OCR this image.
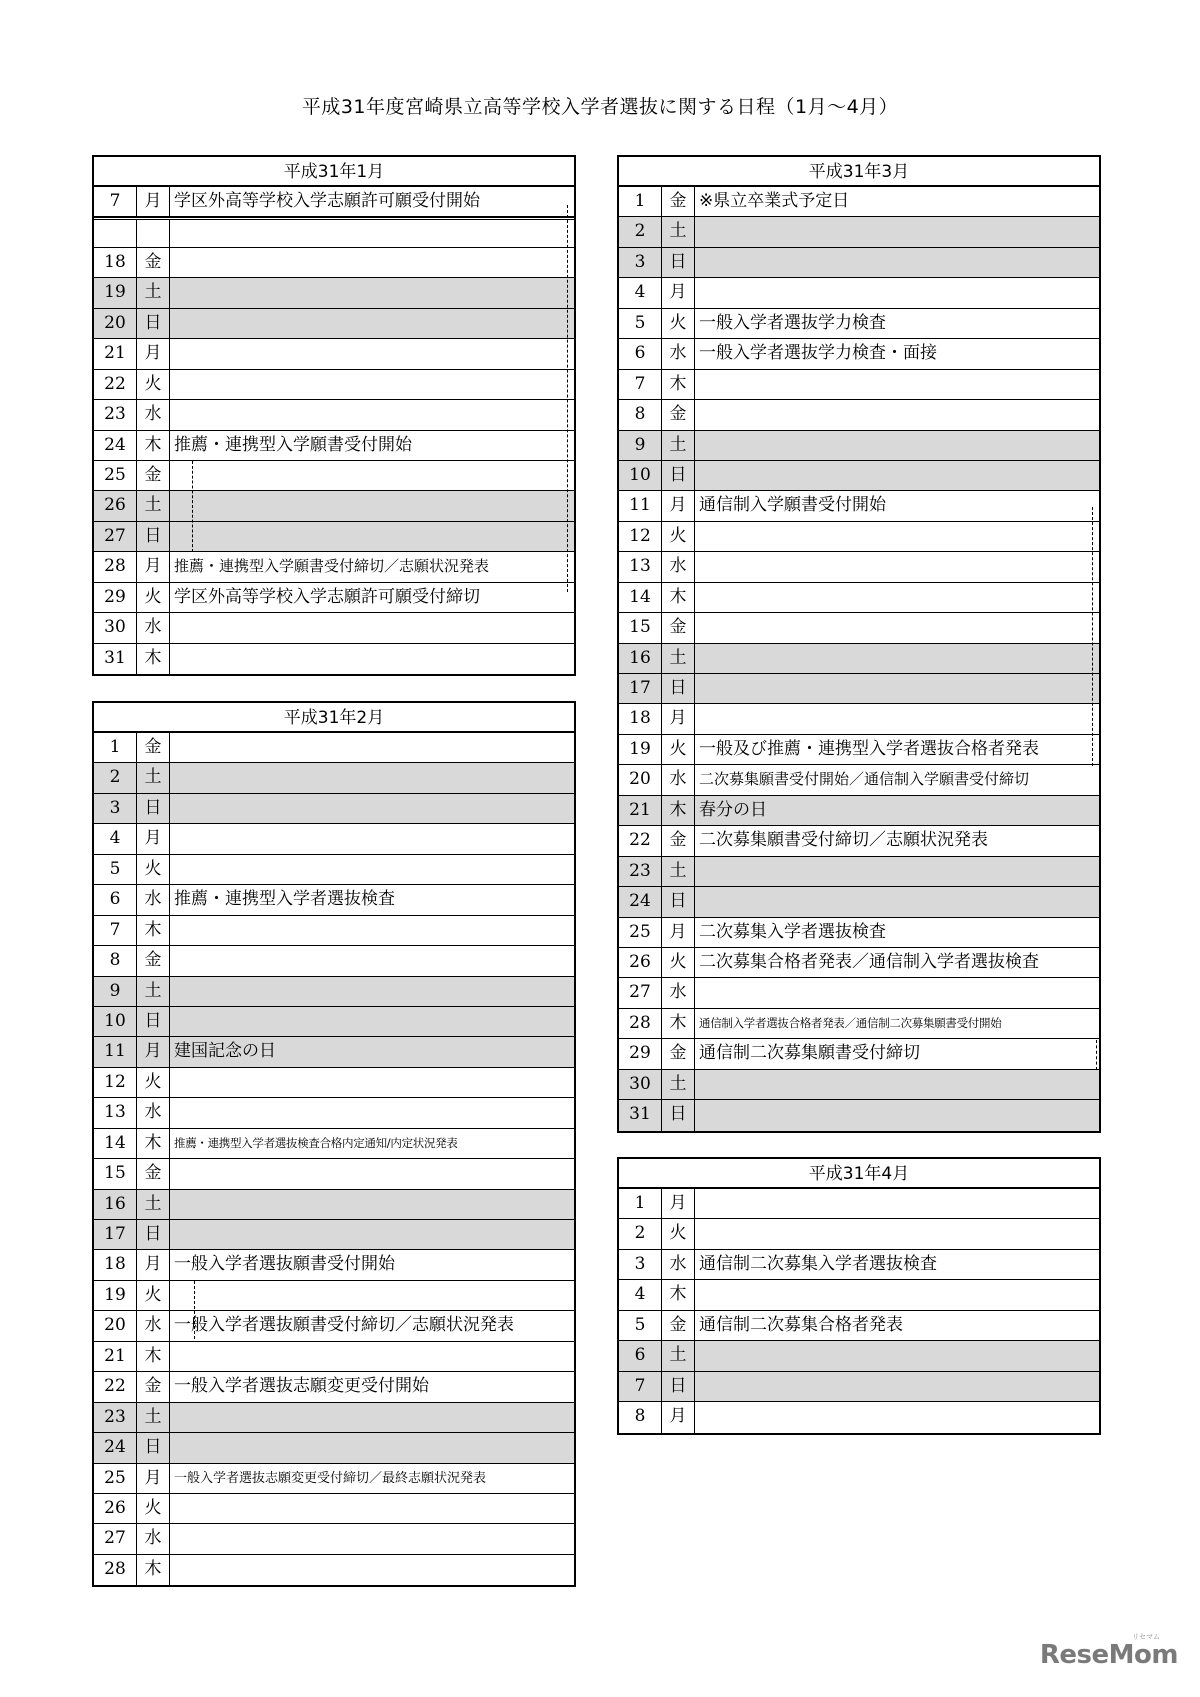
平成31年度宮崎県立高等学校入学者選抜に関する日程（1月～4月）
平成31年1月
7	月 学区外高等学校入学志願許可願受付開始
18	金
19	土
20	日
21	月
22	火
23	水
24	木 推薦・連携型入学願書受付開始
25	金
26	土
27	日
28	月 推薦・連携型入学願書受付締切／志願状況発表
29	火 学区外高等学校入学志願許可願受付締切
30	水
31	木
平成31年2月
1	金
2	土
3	日
4	月
5	火
6	水 推薦・連携型入学者選抜検査
7	木
8	金
9	土
10	日
11	月 建国記念の日
12	火
13	水
14	木	推薦・連携型入学者選抜検査合格内定通知/内定状況発表
15	金
16	土
17	日
18	月 一般入学者選抜願書受付開始
19	火
20	水 一般入学者選抜願書受付締切／志願状況発表
21	木
22	金 一般入学者選抜志願変更受付開始
23	土
24	日
25	月 一般入学者選抜志願変更受付締切／最終志願状況発表
26	火
27	水
28	木
平成31年3月
1	金 ※県立卒業式予定日
2	土
3	日
4	月
5	火 一般入学者選抜学力検査
6	水 一般入学者選抜学力検査・面接
7	木
8	金
9	土
10	日
11	月 通信制入学願書受付開始
12	火
13	水
14	木
15	金
16	土
17	日
18	月
19	火 一般及び推薦・連携型入学者選抜合格者発表
20	水 二次募集願書受付開始／通信制入学願書受付締切
21	木 春分の日
22	金 二次募集願書受付締切／志願状況発表
23	土
24	日
25	月 二次募集入学者選抜検査
26	火 二次募集合格者発表／通信制入学者選抜検査
27	水
28	木	通信制入学者選抜合格者発表／通信制二次募集願書受付開始
29	金 通信制二次募集願書受付締切
30	土
31	日
平成31年4月
1	月
2	火
3	水 通信制二次募集入学者選抜検査
4	木
5	金 通信制二次募集合格者発表
6	土
7	日
8	月
リセマム
ReseMom
